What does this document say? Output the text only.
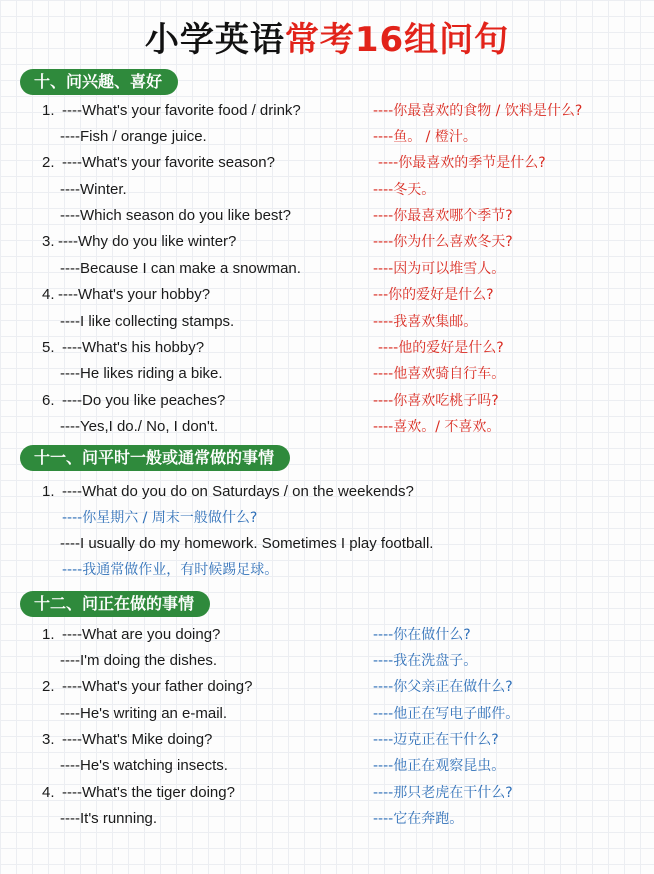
小学英语常考16组问句
十、问兴趣、喜好
1. ----What's your favorite food / drink?	----你最喜欢的食物 / 饮料是什么?
----Fish / orange juice.	----鱼。 / 橙汁。
2. ----What's your favorite season?	----你最喜欢的季节是什么?
----Winter.	----冬天。
----Which season do you like best?	----你最喜欢哪个季节?
3. ----Why do you like winter?	----你为什么喜欢冬天?
----Because I can make a snowman.	----因为可以堆雪人。
4. ----What's your hobby?	---你的爱好是什么?
----I like collecting stamps.	----我喜欢集邮。
5. ----What's his hobby?	----他的爱好是什么?
----He likes riding a bike.	----他喜欢骑自行车。
6. ----Do you like peaches?	----你喜欢吃桃子吗?
----Yes,I do./ No, I don't.	----喜欢。/ 不喜欢。
十一、问平时一般或通常做的事情
1. ----What do you do on Saturdays / on the weekends?
----你星期六 / 周末一般做什么?
----I usually do my homework. Sometimes I play football.
----我通常做作业，有时候踢足球。
十二、问正在做的事情
1. ----What are you doing?	----你在做什么?
----I'm doing the dishes.	----我在洗盘子。
2. ----What's your father doing?	----你父亲正在做什么?
----He's writing an e-mail.	----他正在写电子邮件。
3. ----What's Mike doing?	----迈克正在干什么?
----He's watching insects.	----他正在观察昆虫。
4. ----What's the tiger doing?	----那只老虎在干什么?
----It's running.	----它在奔跑。
